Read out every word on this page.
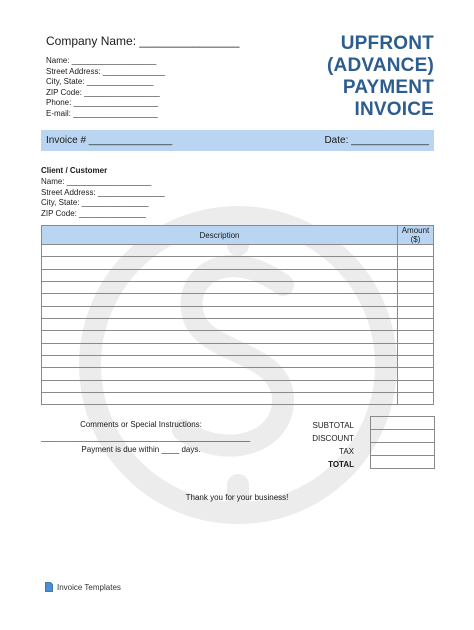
Company Name: _______________
Name: ___________________
Street Address: ______________
City, State: _______________
ZIP Code: _________________
Phone: ___________________
E-mail: ___________________
UPFRONT
(ADVANCE)
PAYMENT
INVOICE
Invoice # _______________	Date: ______________
Client / Customer
Name: ___________________
Street Address: _______________
City, State: _______________
ZIP Code: _______________
Description	Amount ($)

Comments or Special Instructions:
_______________________________________________
Payment is due within ____ days.
SUBTOTAL
DISCOUNT
TAX
TOTAL
Thank you for your business!
Invoice Templates
